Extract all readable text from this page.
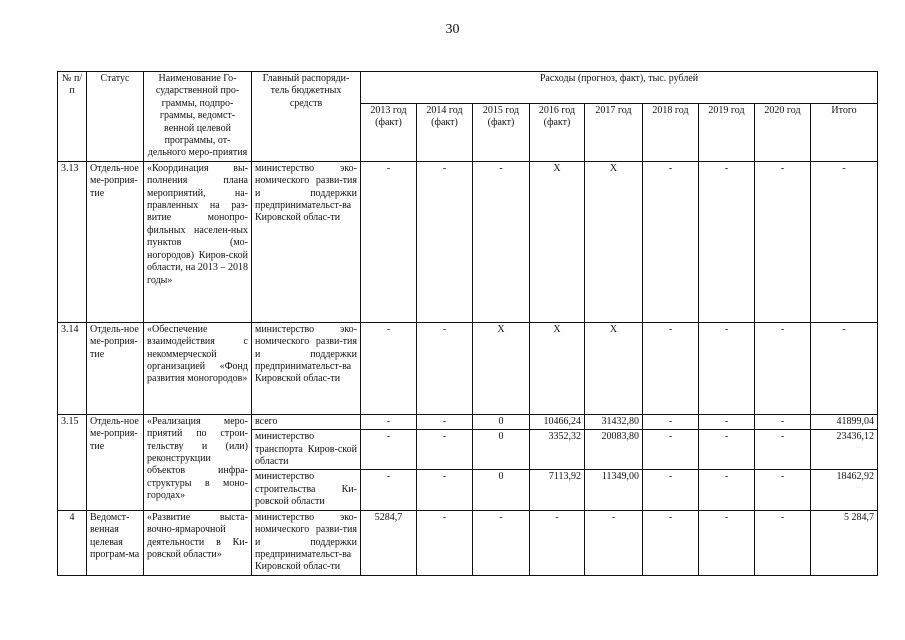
30
№ п/п	Статус	Наименование Го-сударственной про-граммы, подпро-граммы, ведомст-венной целевой программы, от-дельного меро-приятия	Главный распоряди-тель бюджетных средств	Расходы (прогноз, факт), тыс. рублей								
				2013 год (факт)	2014 год (факт)	2015 год (факт)	2016 год (факт)	2017 год	2018 год	2019 год	2020 год	Итого
3.13	Отдель-ное ме-роприя-тие	«Координация вы-полнения плана мероприятий, на-правленных на раз-витие монопро-фильных населен-ных пунктов (мо-ногородов) Киров-ской области, на 2013 – 2018 годы»	министерство эко-номического разви-тия и поддержки предпринимательст-ва Кировской облас-ти	-	-	-	Х	Х	-	-	-	-
3.14	Отдель-ное ме-роприя-тие	«Обеспечение взаимодействия с некоммерческой организацией «Фонд развития моногородов»	министерство эко-номического разви-тия и поддержки предпринимательст-ва Кировской облас-ти	-	-	Х	Х	Х	-	-	-	-
3.15	Отдель-ное ме-роприя-тие	«Реализация меро-приятий по строи-тельству и (или) реконструкции объектов инфра-структуры в моно-городах»	всего	-	-	0	10466,24	31432,80	-	-	-	41899,04
			министерство транспорта Киров-ской области	-	-	0	3352,32	20083,80	-	-	-	23436,12
			министерство строительства Ки-ровской области	-	-	0	7113,92	11349,00	-	-	-	18462,92
4	Ведомст-венная целевая програм-ма	«Развитие выста-вочно-ярмарочной деятельности в Ки-ровской области»	министерство эко-номического разви-тия и поддержки предпринимательст-ва Кировской облас-ти	5284,7	-	-	-	-	-	-	-	5 284,7
